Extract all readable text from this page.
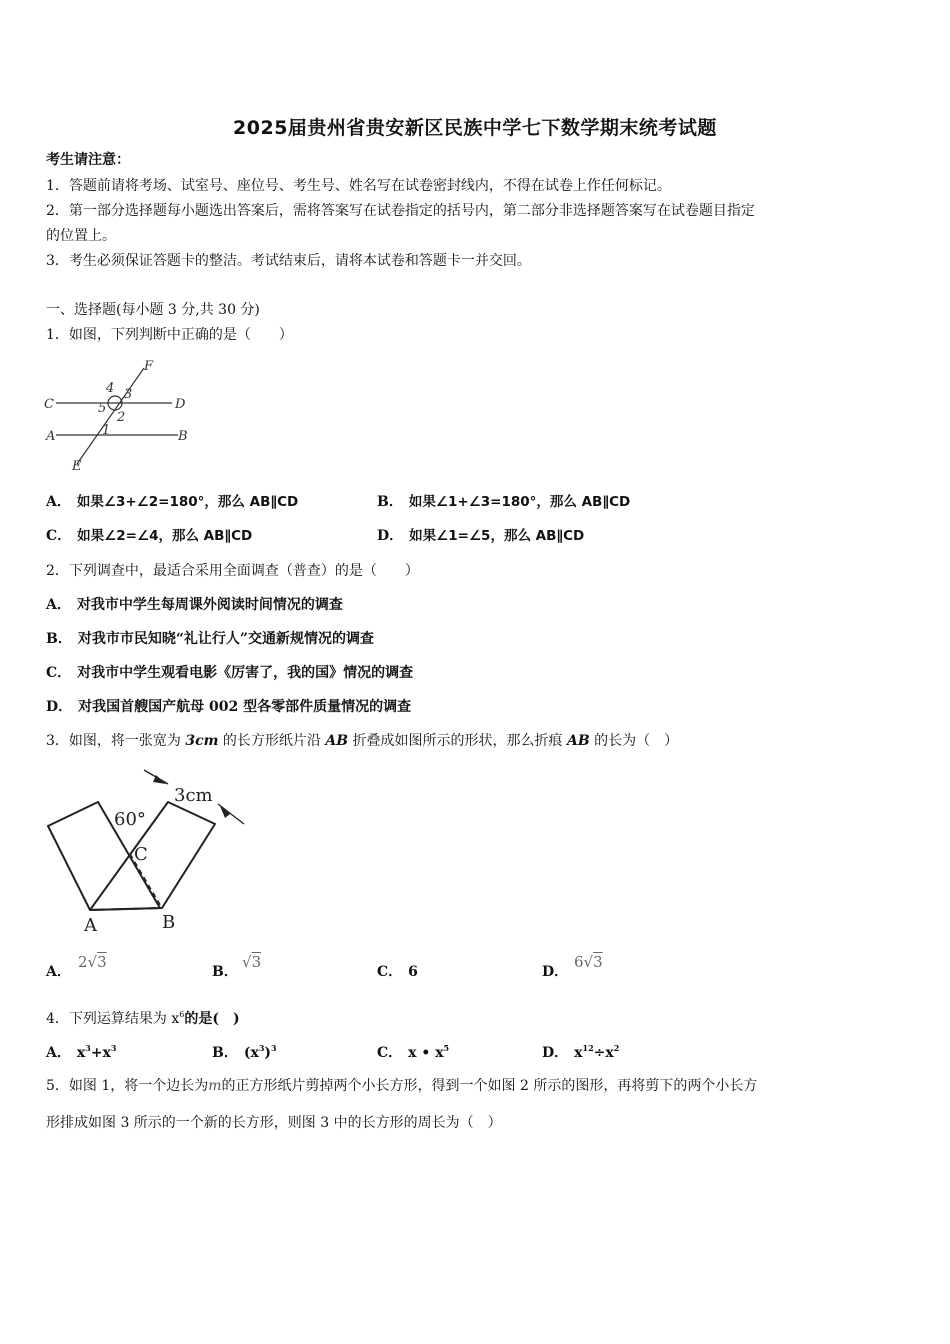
2025届贵州省贵安新区民族中学七下数学期末统考试题
考生请注意：
1．答题前请将考场、试室号、座位号、考生号、姓名写在试卷密封线内，不得在试卷上作任何标记。
2．第一部分选择题每小题选出答案后，需将答案写在试卷指定的括号内，第二部分非选择题答案写在试卷题目指定
的位置上。
3．考生必须保证答题卡的整洁。考试结束后，请将本试卷和答题卡一并交回。
一、选择题(每小题 3 分,共 30 分)
1．如图，下列判断中正确的是（　　）
F
4
C
3
D
5
2
A	1	B
E
A． 如果∠3+∠2=180°，那么 AB∥CD	B． 如果∠1+∠3=180°，那么 AB∥CD
C． 如果∠2=∠4，那么 AB∥CD	D． 如果∠1=∠5，那么 AB∥CD
2．下列调查中，最适合采用全面调查（普查）的是（　　）
A． 对我市中学生每周课外阅读时间情况的调查
B． 对我市市民知晓“礼让行人”交通新规情况的调查
C． 对我市中学生观看电影《厉害了，我的国》情况的调查
D． 对我国首艘国产航母 002 型各零部件质量情况的调查
3．如图，将一张宽为 3cm 的长方形纸片沿 AB 折叠成如图所示的形状，那么折痕 AB 的长为（　）
3cm
60°
C
A	B
A．
2√3
B．
√3
C． 6	D．
6√3
4．下列运算结果为 $x^6$的是(　)
A． $x^3+x^3$	B． $(x^3)^3$	C． x • $x^5$	D． $x^{12}\div x^2$
5．如图 1，将一个边长为m的正方形纸片剪掉两个小长方形，得到一个如图 2 所示的图形，再将剪下的两个小长方
形排成如图 3 所示的一个新的长方形，则图 3 中的长方形的周长为（　）
